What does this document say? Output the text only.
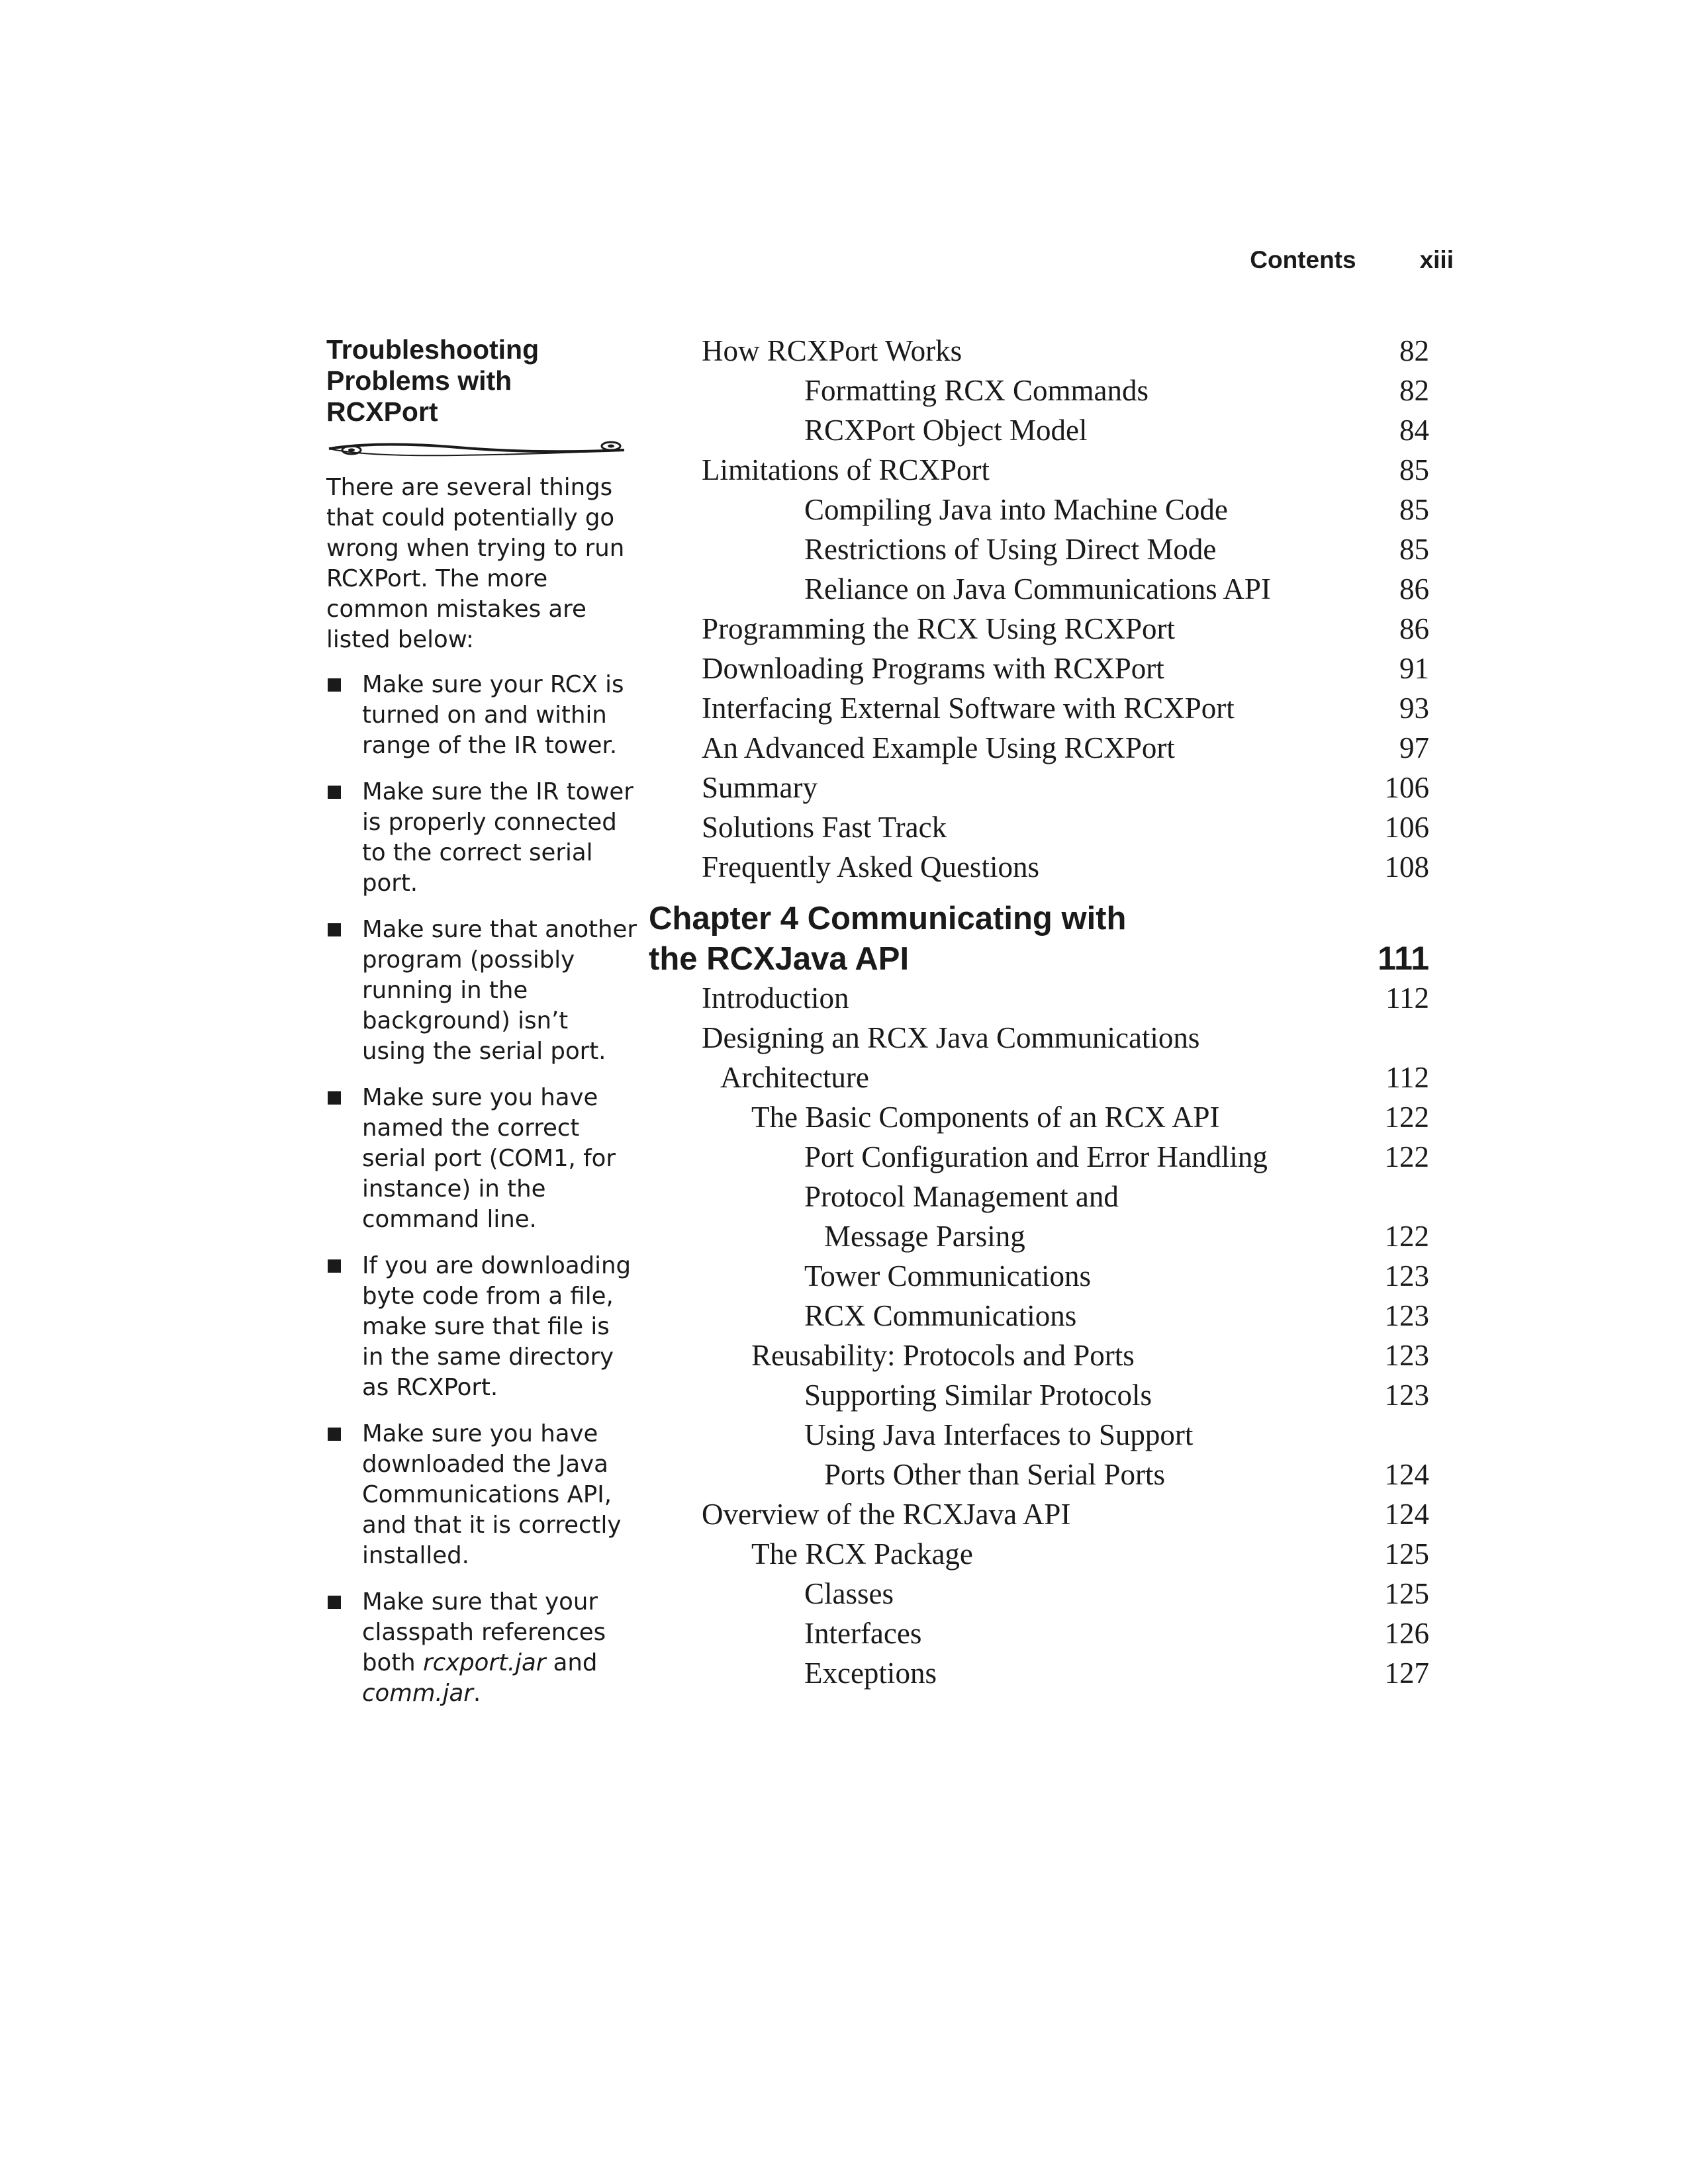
Contents	xiii
Troubleshooting
Problems with
RCXPort

There are several things that could potentially go wrong when trying to run RCXPort. The more common mistakes are listed below:

Make sure your RCX is turned on and within range of the IR tower.
Make sure the IR tower is properly connected to the correct serial port.
Make sure that another program (possibly running in the background) isn’t using the serial port.
Make sure you have named the correct serial port (COM1, for instance) in the command line.
If you are downloading byte code from a file, make sure that file is in the same directory as RCXPort.
Make sure you have downloaded the Java Communications API, and that it is correctly installed.
Make sure that your classpath references both rcxport.jar and comm.jar.
How RCXPort Works	82
Formatting RCX Commands	82
RCXPort Object Model	84
Limitations of RCXPort	85
Compiling Java into Machine Code	85
Restrictions of Using Direct Mode	85
Reliance on Java Communications API	86
Programming the RCX Using RCXPort	86
Downloading Programs with RCXPort	91
Interfacing External Software with RCXPort	93
An Advanced Example Using RCXPort	97
Summary	106
Solutions Fast Track	106
Frequently Asked Questions	108
Chapter 4 Communicating with
the RCXJava API	111
Introduction	112
Designing an RCX Java Communications
Architecture	112
The Basic Components of an RCX API	122
Port Configuration and Error Handling	122
Protocol Management and
Message Parsing	122
Tower Communications	123
RCX Communications	123
Reusability: Protocols and Ports	123
Supporting Similar Protocols	123
Using Java Interfaces to Support
Ports Other than Serial Ports	124
Overview of the RCXJava API	124
The RCX Package	125
Classes	125
Interfaces	126
Exceptions	127
